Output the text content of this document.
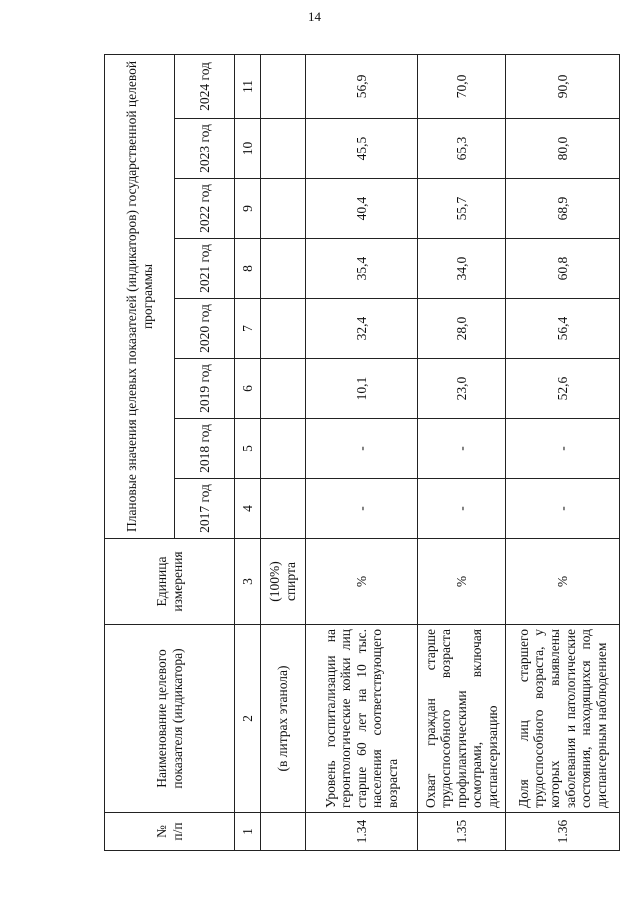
14
№
п/п	Наименование целевого показателя (индикатора)	Единица измерения	Плановые значения целевых показателей (индикаторов) государственной целевой программы							
			2017 год	2018 год	2019 год	2020 год	2021 год	2022 год	2023 год	2024 год
1	2	3	4	5	6	7	8	9	10	11
	(в литрах этанола)	(100%) спирта								
1.34	Уровень госпитализации на геронтологические койки лиц старше 60 лет на 10 тыс. населения соответствующего возраста	%	-	-	10,1	32,4	35,4	40,4	45,5	56,9
1.35	Охват граждан старше трудоспособного возраста профилактическими осмотрами, включая диспансеризацию	%	-	-	23,0	28,0	34,0	55,7	65,3	70,0
1.36	Доля лиц старшего трудоспособного возраста, у которых выявлены заболевания и патологические состояния, находящихся под диспансерным наблюдением	%	-	-	52,6	56,4	60,8	68,9	80,0	90,0
